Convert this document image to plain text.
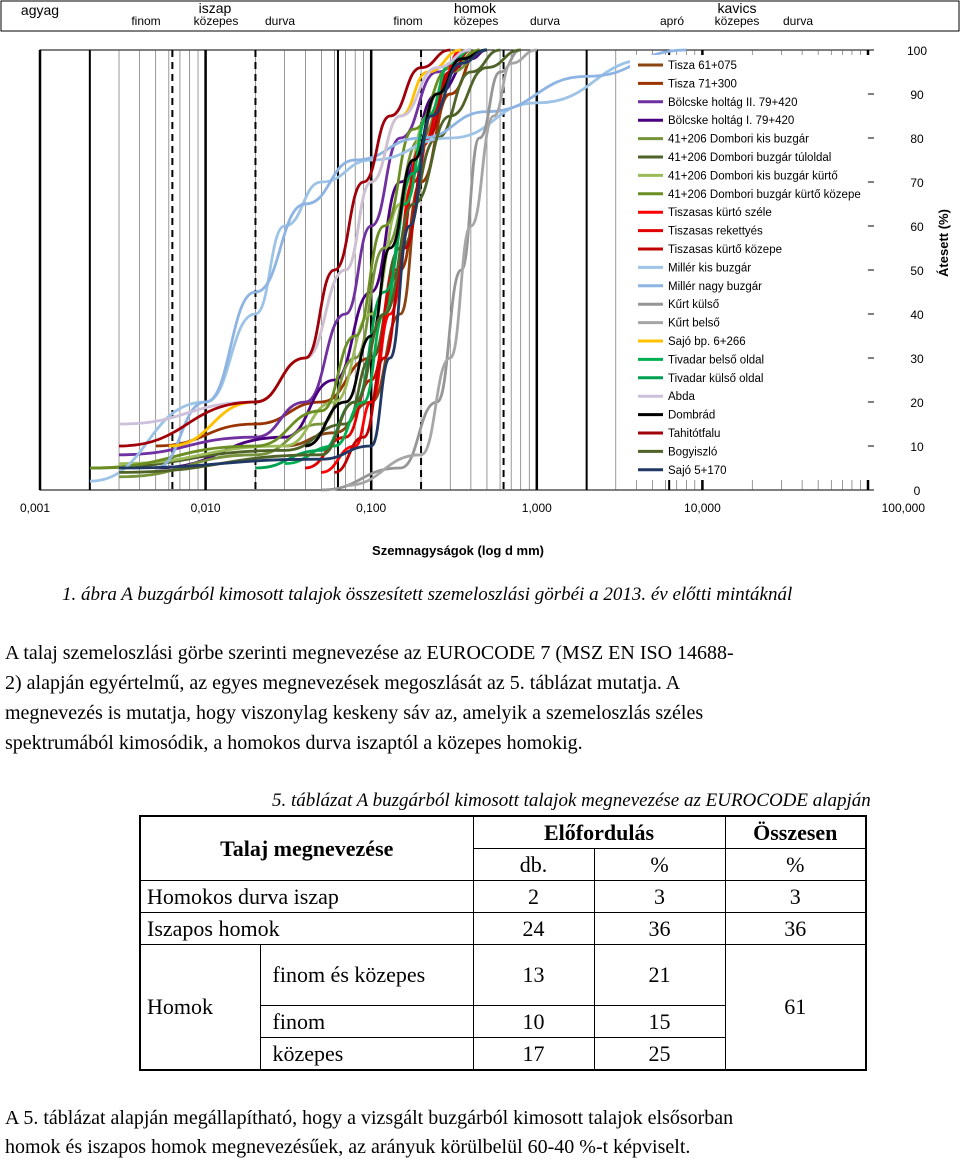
agyag	iszap
közepes
finom	durva
homok
közepes
finom	durva
kavics
közepes
apró	durva
Tisza 61+075
Tisza 71+300
Bölcske holtág II. 79+420
Bölcske holtág I. 79+420
41+206 Dombori kis buzgár
41+206 Dombori buzgár túloldal
41+206 Dombori kis buzgár kürtő
41+206 Dombori buzgár kürtő közepe
Tiszasas kürtó széle
Tiszasas rekettyés
Tiszasas kürtő közepe
Millér kis buzgár
Millér nagy buzgár
Kűrt külső
Kűrt belső
Sajó bp. 6+266
Tivadar belső oldal
Tivadar külső oldal
Abda
Dombrád
Tahitótfalu
Bogyiszló
Sajó 5+170
0
10
20
30
40
50
60
70
80
90
100
0,001	0,010	0,100	1,000	10,000	100,000
Szemnagyságok (log d mm)
Átesett (%)
1. ábra A buzgárból kimosott talajok összesített szemeloszlási görbéi a 2013. év előtti mintáknál
A talaj szemeloszlási görbe szerinti megnevezése az EUROCODE 7 (MSZ EN ISO 14688-
2) alapján egyértelmű, az egyes megnevezések megoszlását az 5. táblázat mutatja. A
megnevezés is mutatja, hogy viszonylag keskeny sáv az, amelyik a szemeloszlás széles
spektrumából kimosódik, a homokos durva iszaptól a közepes homokig.
5. táblázat A buzgárból kimosott talajok megnevezése az EUROCODE alapján
Talaj megnevezése		Előfordulás		Összesen
		db.	%	%
Homokos durva iszap		2	3	3
Iszapos homok		24	36	36
Homok	finom és közepes	13	21	61
	finom	10	15	
	közepes	17	25	
A 5. táblázat alapján megállapítható, hogy a vizsgált buzgárból kimosott talajok elsősorban
homok és iszapos homok megnevezésűek, az arányuk körülbelül 60-40 %-t képviselt.
